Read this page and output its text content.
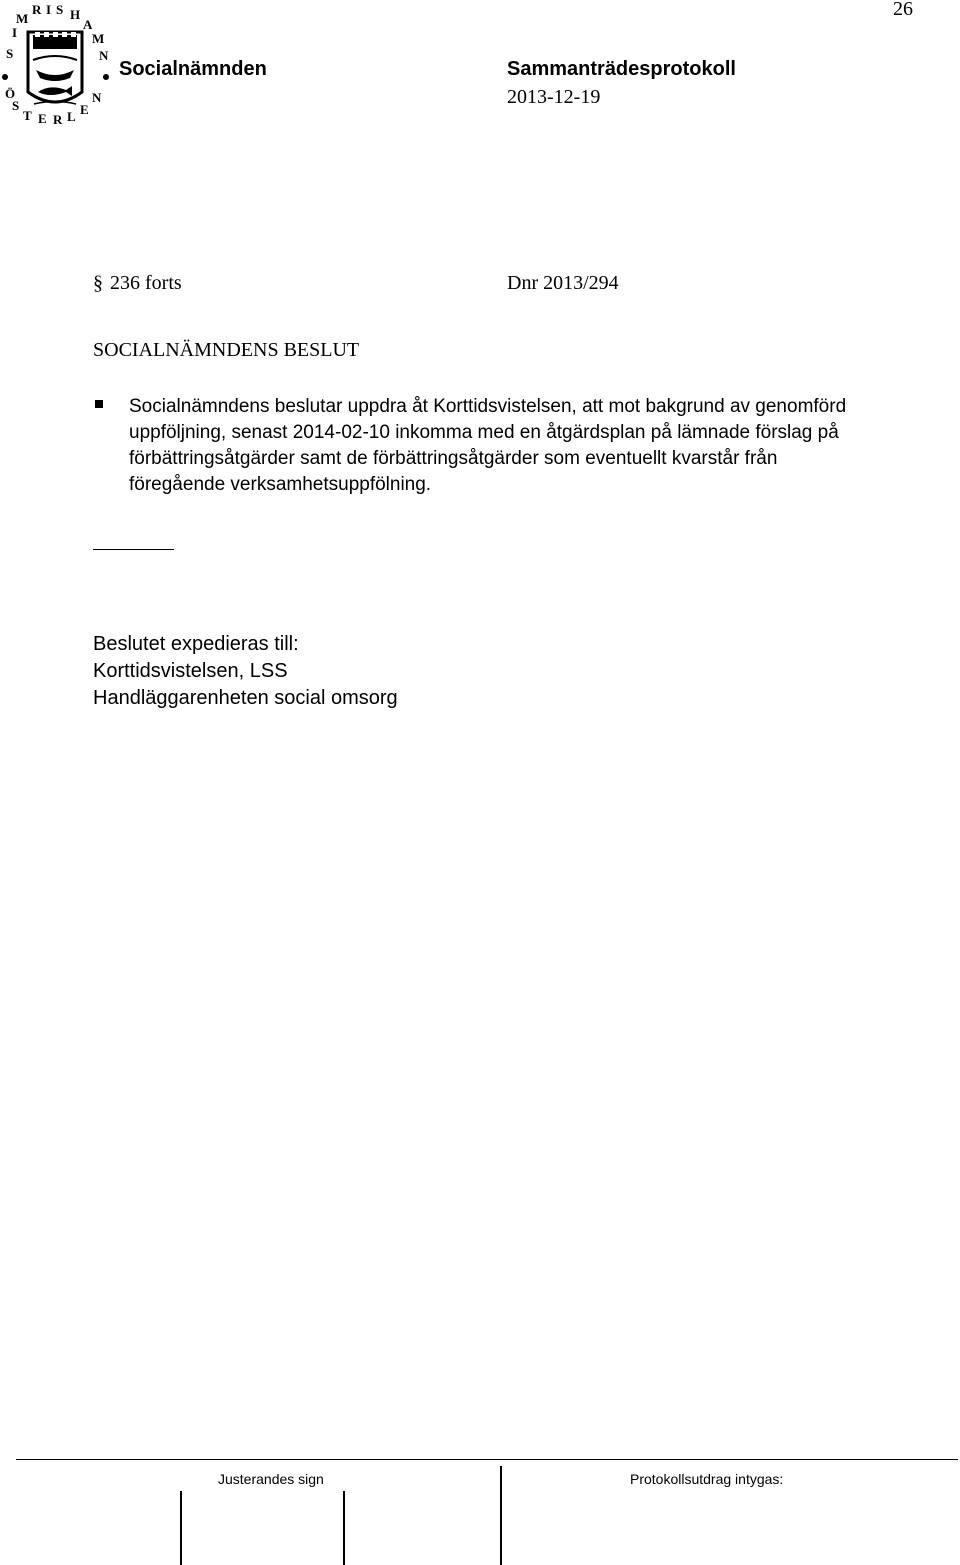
26
S
I
M
R I S H
A
M
N
Ö
S
T E R L E
N
Socialnämnden	Sammanträdesprotokoll
2013-12-19
§ 236 forts	Dnr 2013/294
SOCIALNÄMNDENS BESLUT
Socialnämndens beslutar uppdra åt Korttidsvistelsen, att mot bakgrund av genomförd
uppföljning, senast 2014-02-10 inkomma med en åtgärdsplan på lämnade förslag på
förbättringsåtgärder samt de förbättringsåtgärder som eventuellt kvarstår från
föregående verksamhetsuppfölning.
Beslutet expedieras till:
Korttidsvistelsen, LSS
Handläggarenheten social omsorg
Justerandes sign	Protokollsutdrag intygas:
